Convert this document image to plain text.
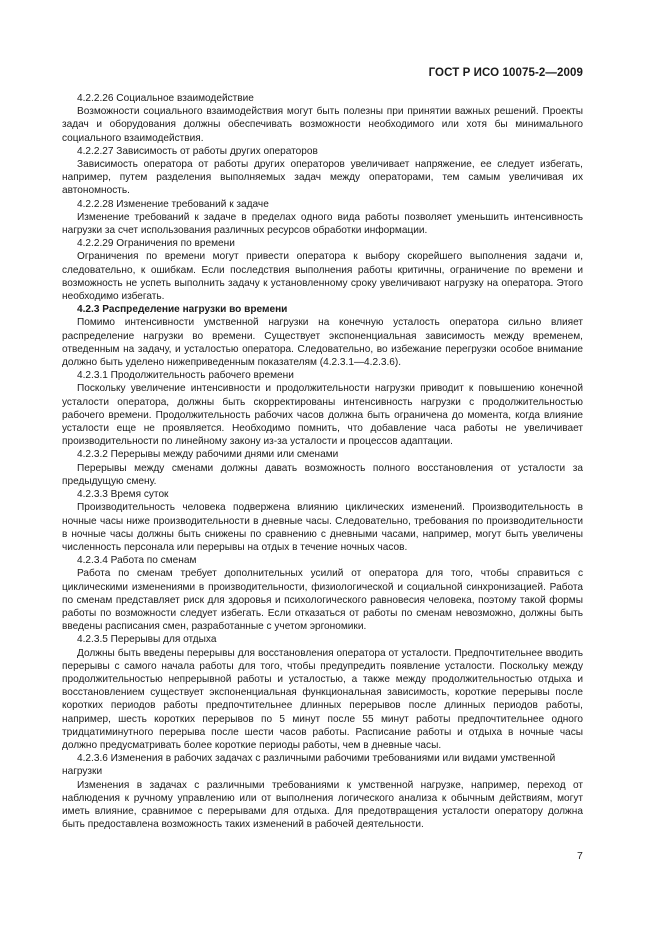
ГОСТ Р ИСО 10075-2—2009

4.2.2.26 Социальное взаимодействие

Возможности социального взаимодействия могут быть полезны при принятии важных решений. Проекты задач и оборудования должны обеспечивать возможности необходимого или хотя бы минимального социального взаимодействия.

4.2.2.27 Зависимость от работы других операторов

Зависимость оператора от работы других операторов увеличивает напряжение, ее следует избегать, например, путем разделения выполняемых задач между операторами, тем самым увеличивая их автономность.

4.2.2.28 Изменение требований к задаче

Изменение требований к задаче в пределах одного вида работы позволяет уменьшить интенсивность нагрузки за счет использования различных ресурсов обработки информации.

4.2.2.29 Ограничения по времени

Ограничения по времени могут привести оператора к выбору скорейшего выполнения задачи и, следовательно, к ошибкам. Если последствия выполнения работы критичны, ограничение по времени и возможность не успеть выполнить задачу к установленному сроку увеличивают нагрузку на оператора. Этого необходимо избегать.

4.2.3 Распределение нагрузки во времени

Помимо интенсивности умственной нагрузки на конечную усталость оператора сильно влияет распределение нагрузки во времени. Существует экспоненциальная зависимость между временем, отведенным на задачу, и усталостью оператора. Следовательно, во избежание перегрузки особое внимание должно быть уделено нижеприведенным показателям (4.2.3.1—4.2.3.6).

4.2.3.1 Продолжительность рабочего времени

Поскольку увеличение интенсивности и продолжительности нагрузки приводит к повышению конечной усталости оператора, должны быть скорректированы интенсивность нагрузки с продолжительностью рабочего времени. Продолжительность рабочих часов должна быть ограничена до момента, когда влияние усталости еще не проявляется. Необходимо помнить, что добавление часа работы не увеличивает производительности по линейному закону из-за усталости и процессов адаптации.

4.2.3.2 Перерывы между рабочими днями или сменами

Перерывы между сменами должны давать возможность полного восстановления от усталости за предыдущую смену.

4.2.3.3 Время суток

Производительность человека подвержена влиянию циклических изменений. Производительность в ночные часы ниже производительности в дневные часы. Следовательно, требования по производительности в ночные часы должны быть снижены по сравнению с дневными часами, например, могут быть увеличены численность персонала или перерывы на отдых в течение ночных часов.

4.2.3.4 Работа по сменам

Работа по сменам требует дополнительных усилий от оператора для того, чтобы справиться с циклическими изменениями в производительности, физиологической и социальной синхронизацией. Работа по сменам представляет риск для здоровья и психологического равновесия человека, поэтому такой формы работы по возможности следует избегать. Если отказаться от работы по сменам невозможно, должны быть введены расписания смен, разработанные с учетом эргономики.

4.2.3.5 Перерывы для отдыха

Должны быть введены перерывы для восстановления оператора от усталости. Предпочтительнее вводить перерывы с самого начала работы для того, чтобы предупредить появление усталости. Поскольку между продолжительностью непрерывной работы и усталостью, а также между продолжительностью отдыха и восстановлением существует экспоненциальная функциональная зависимость, короткие перерывы после коротких периодов работы предпочтительнее длинных перерывов после длинных периодов работы, например, шесть коротких перерывов по 5 минут после 55 минут работы предпочтительнее одного тридцатиминутного перерыва после шести часов работы. Расписание работы и отдыха в ночные часы должно предусматривать более короткие периоды работы, чем в дневные часы.

4.2.3.6 Изменения в рабочих задачах с различными рабочими требованиями или видами умственной нагрузки

Изменения в задачах с различными требованиями к умственной нагрузке, например, переход от наблюдения к ручному управлению или от выполнения логического анализа к обычным действиям, могут иметь влияние, сравнимое с перерывами для отдыха. Для предотвращения усталости оператору должна быть предоставлена возможность таких изменений в рабочей деятельности.

7
